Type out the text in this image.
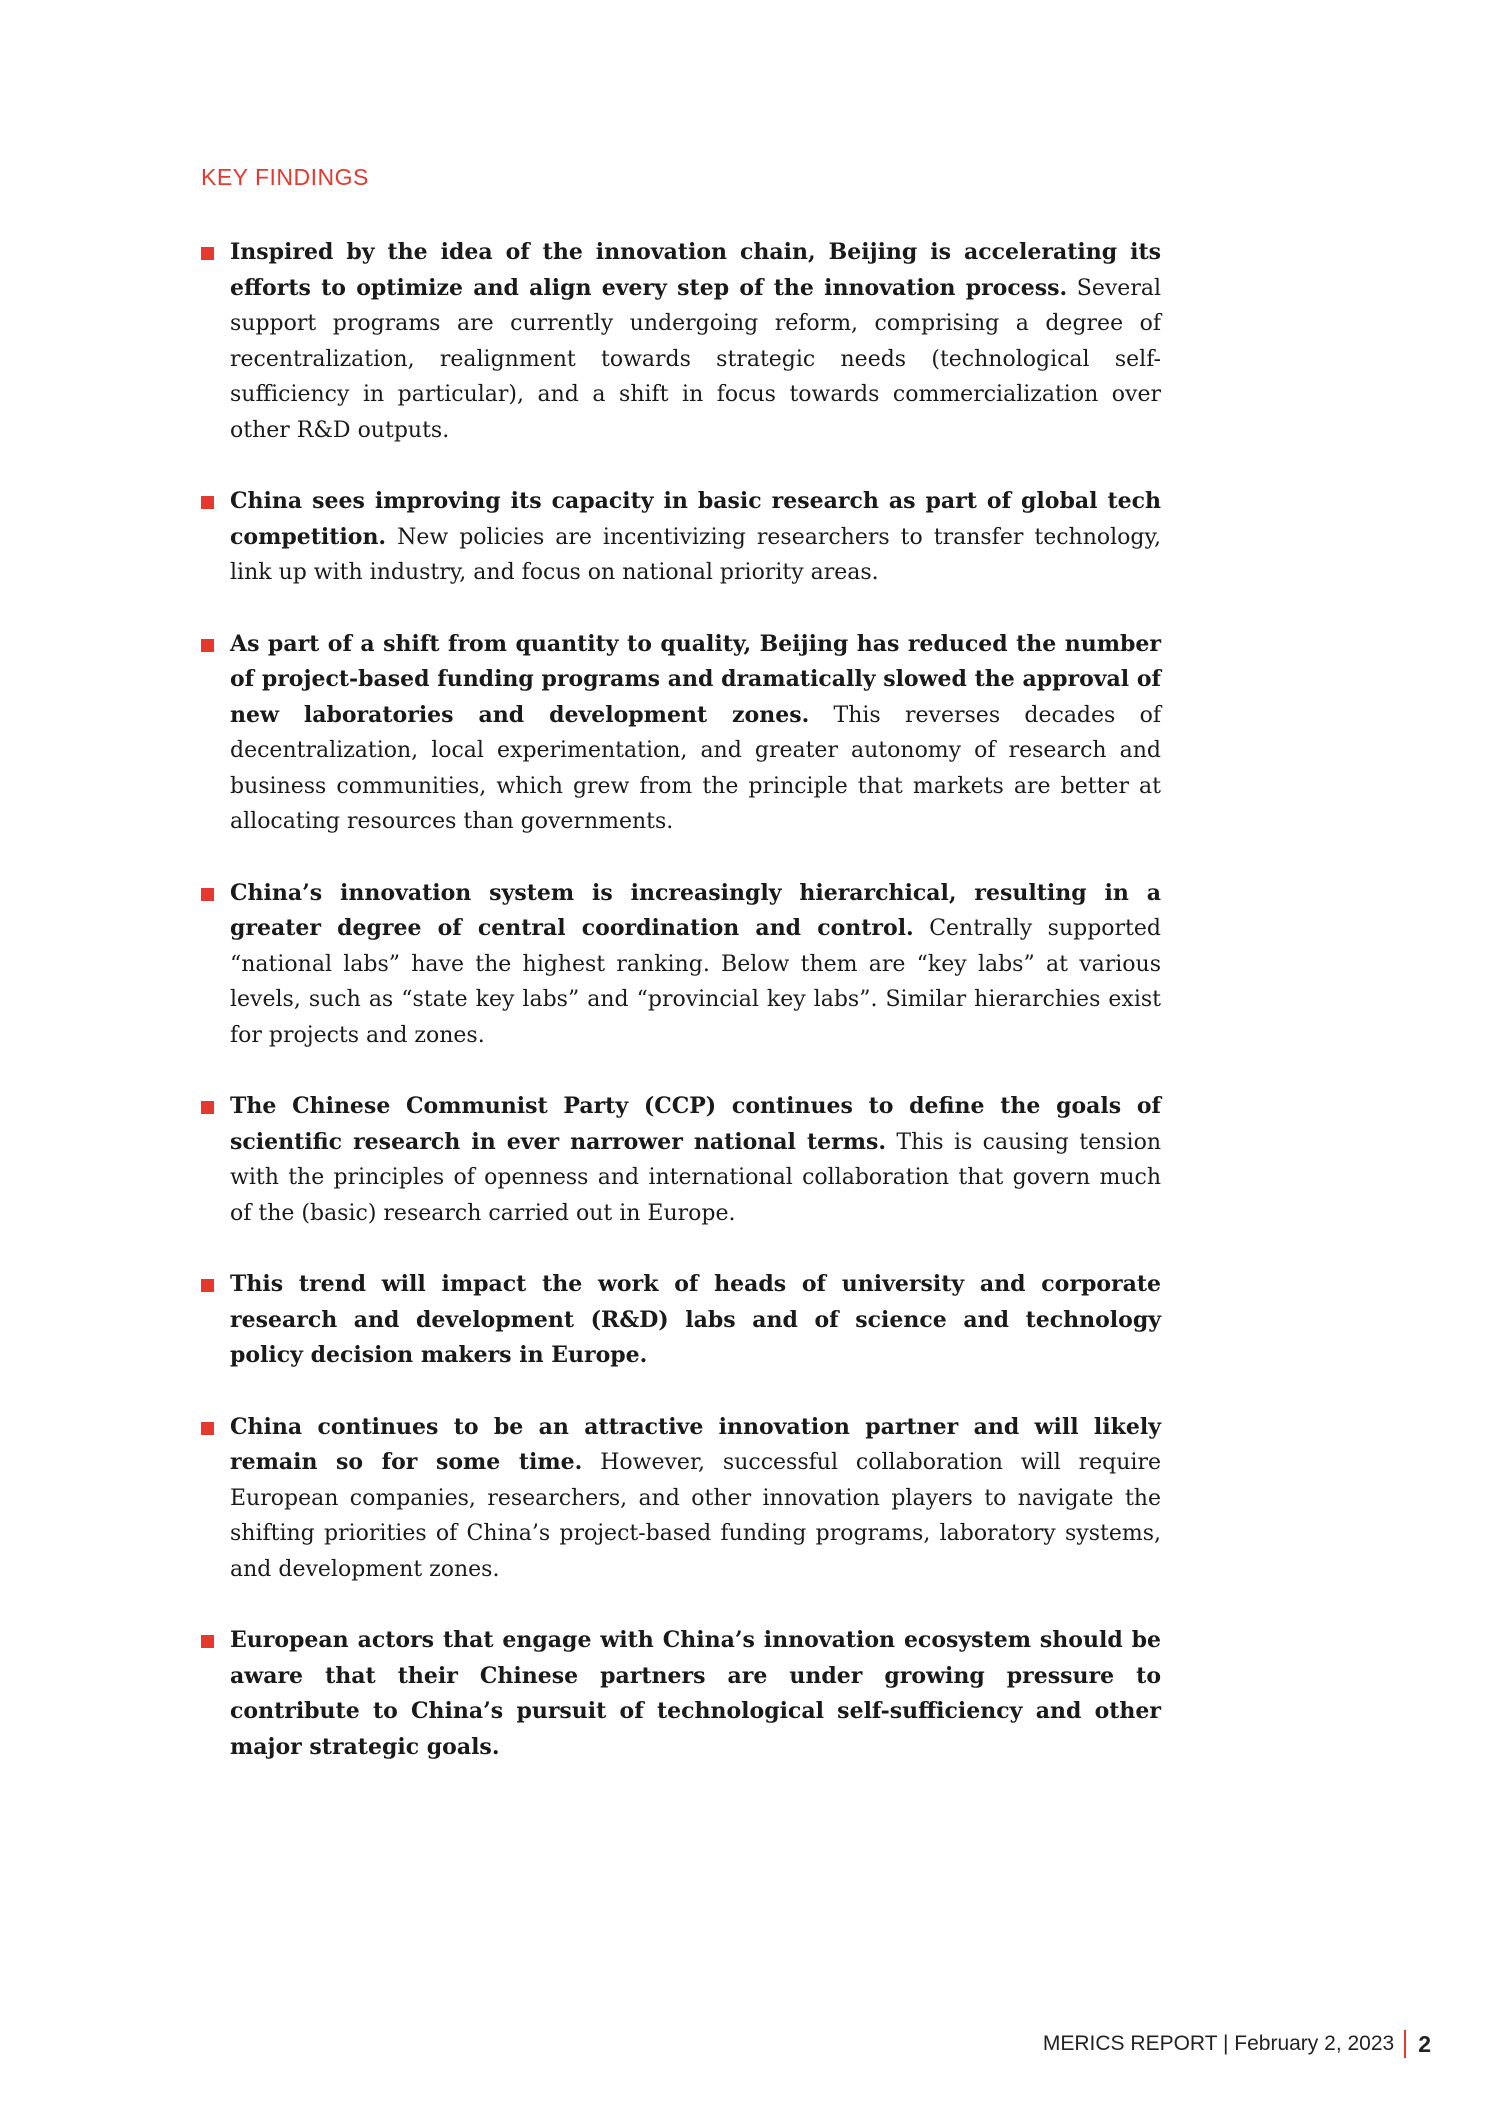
KEY FINDINGS
Inspired by the idea of the innovation chain, Beijing is accelerating its efforts to optimize and align every step of the innovation process. Several support programs are currently undergoing reform, comprising a degree of recentralization, realignment towards strategic needs (technological self-sufficiency in particular), and a shift in focus towards commercialization over other R&D outputs.
China sees improving its capacity in basic research as part of global tech competition. New policies are incentivizing researchers to transfer technology, link up with industry, and focus on national priority areas.
As part of a shift from quantity to quality, Beijing has reduced the number of project-based funding programs and dramatically slowed the approval of new laboratories and development zones. This reverses decades of decentralization, local experimentation, and greater autonomy of research and business communities, which grew from the principle that markets are better at allocating resources than governments.
China’s innovation system is increasingly hierarchical, resulting in a greater degree of central coordination and control. Centrally supported “national labs” have the highest ranking. Below them are “key labs” at various levels, such as “state key labs” and “provincial key labs”. Similar hierarchies exist for projects and zones.
The Chinese Communist Party (CCP) continues to define the goals of scientific research in ever narrower national terms. This is causing tension with the principles of openness and international collaboration that govern much of the (basic) research carried out in Europe.
This trend will impact the work of heads of university and corporate research and development (R&D) labs and of science and technology policy decision makers in Europe.
China continues to be an attractive innovation partner and will likely remain so for some time. However, successful collaboration will require European companies, researchers, and other innovation players to navigate the shifting priorities of China’s project-based funding programs, laboratory systems, and development zones.
European actors that engage with China’s innovation ecosystem should be aware that their Chinese partners are under growing pressure to contribute to China’s pursuit of technological self-sufficiency and other major strategic goals.
MERICS REPORT | February 2, 2023 2
